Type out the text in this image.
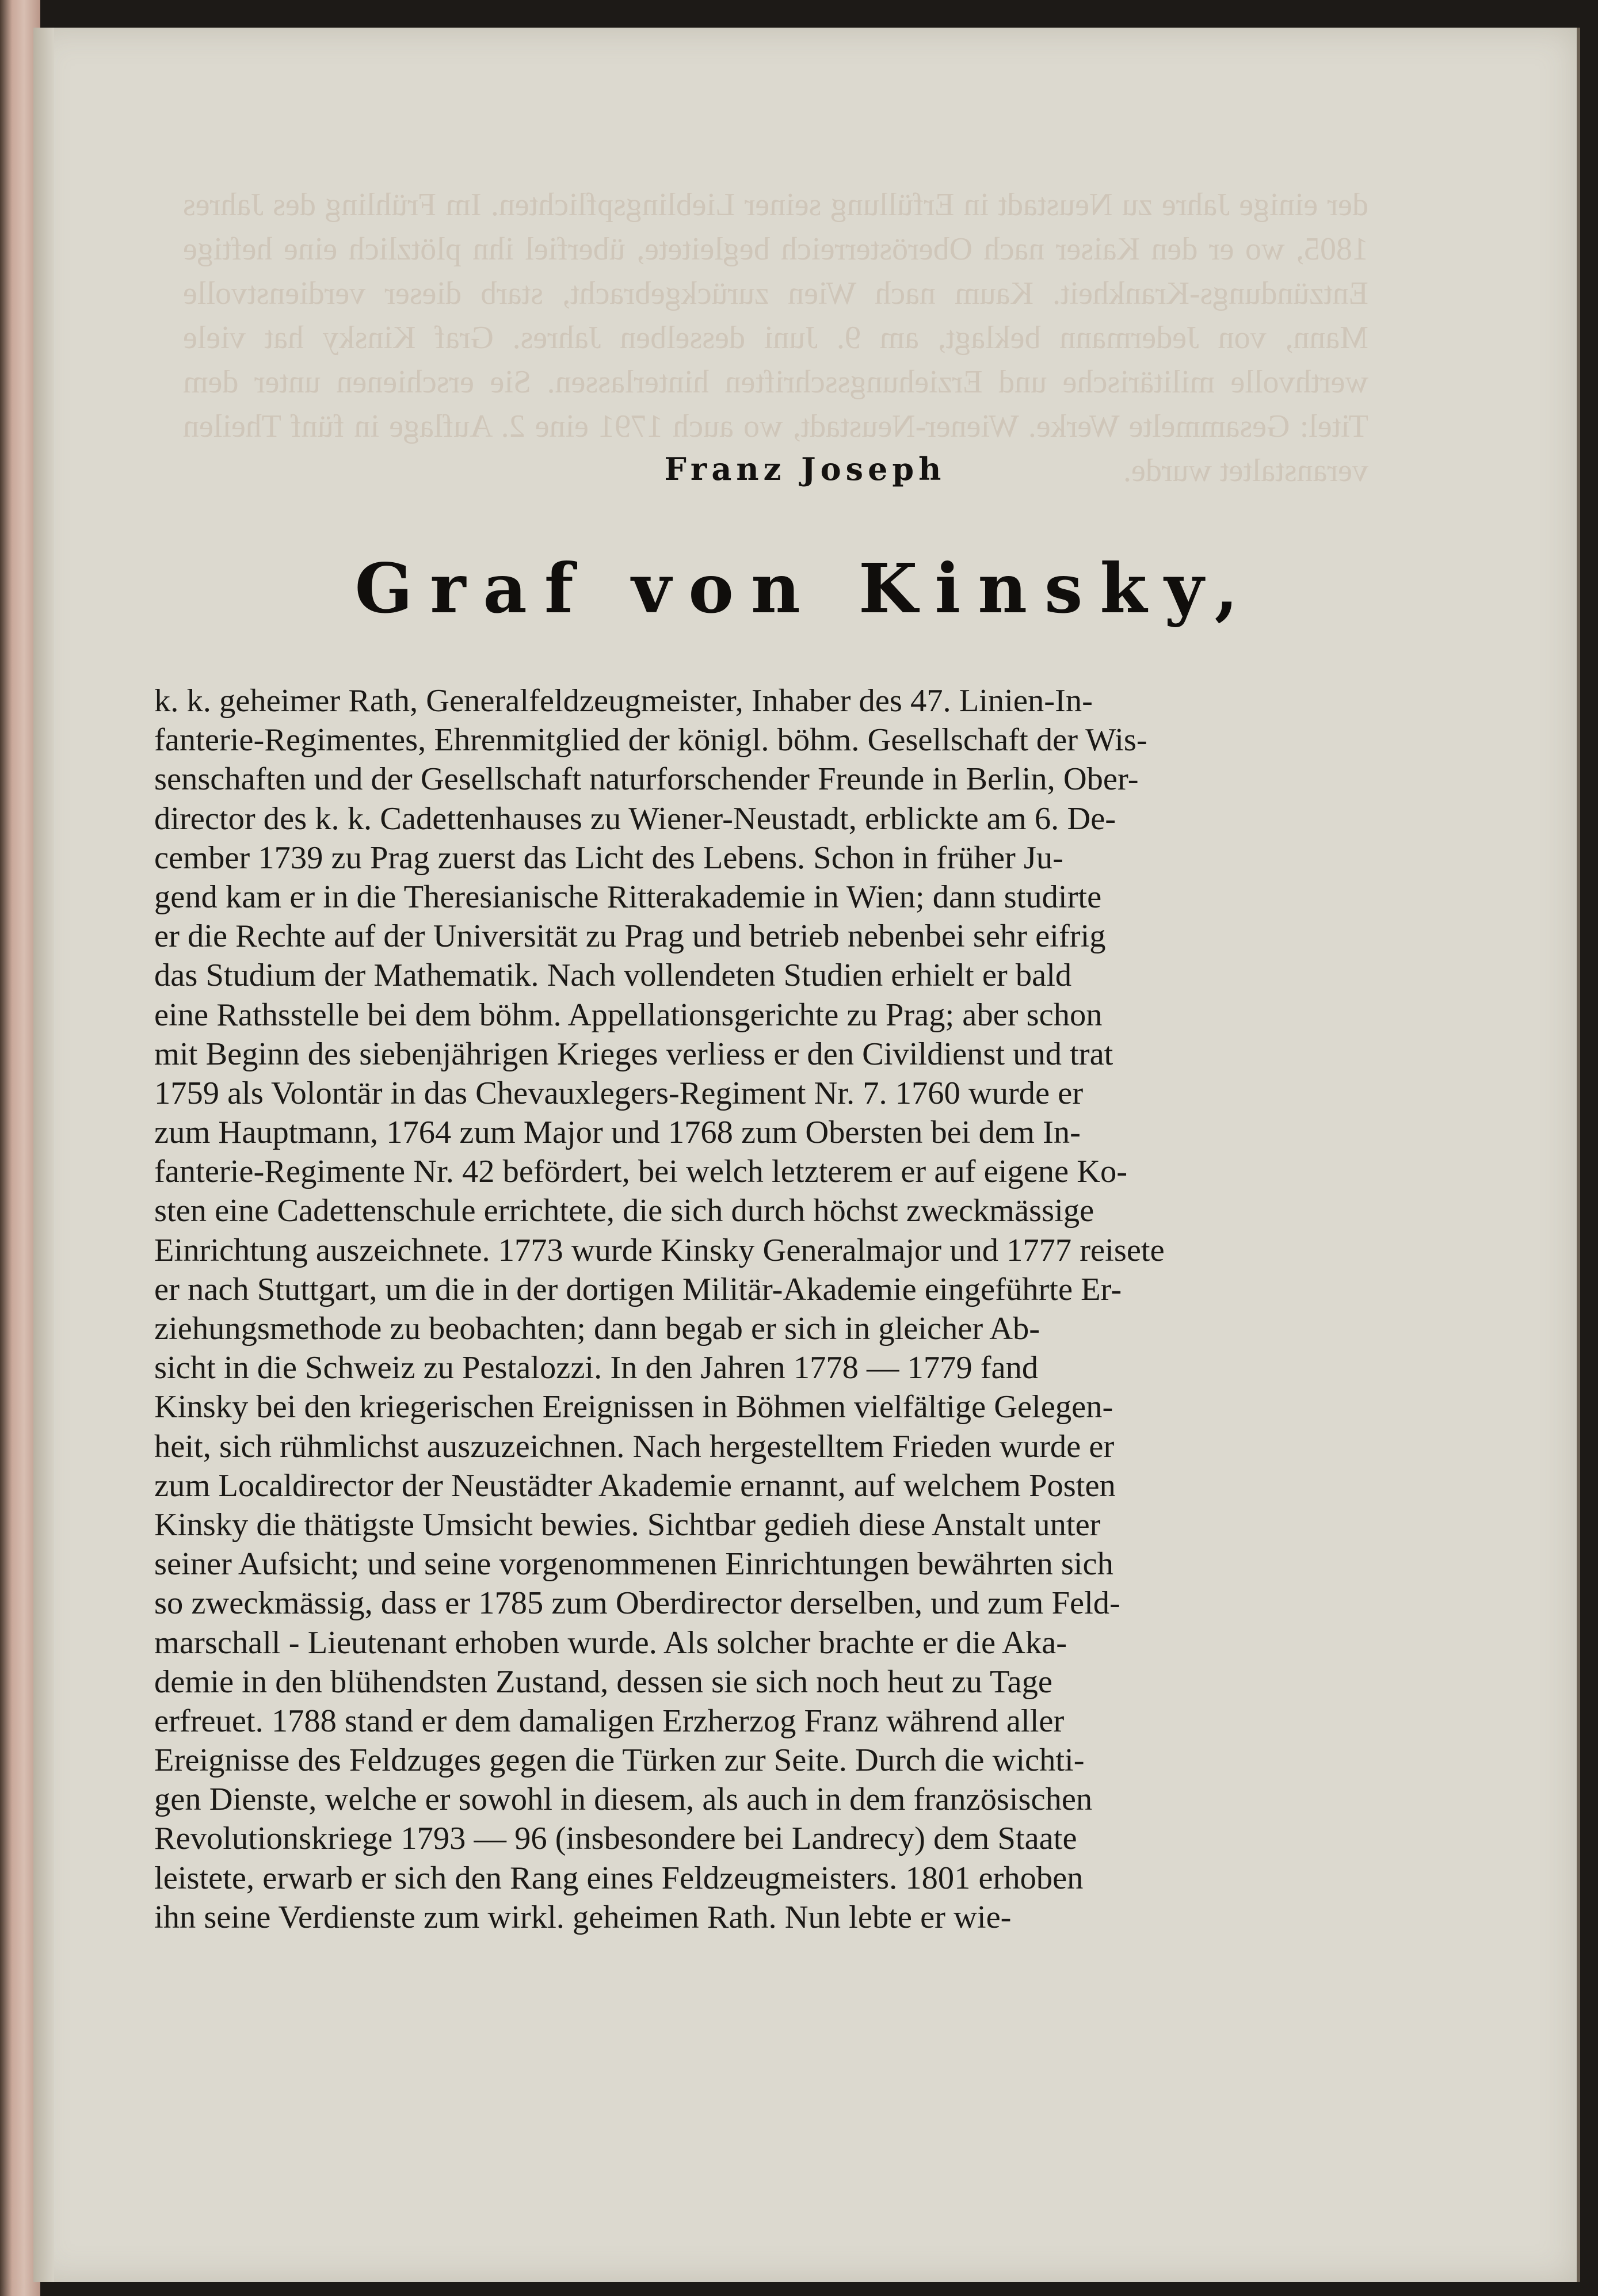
der einige Jahre zu Neustadt in Erfüllung seiner Lieblingspflichten. Im Frühling des Jahres 1805, wo er den Kaiser nach Oberösterreich begleitete, überfiel ihn plötzlich eine heftige Entzündungs-Krankheit. Kaum nach Wien zurückgebracht, starb dieser verdienstvolle Mann, von Jedermann beklagt, am 9. Juni desselben Jahres. Graf Kinsky hat viele werthvolle militärische und Erziehungsschriften hinterlassen. Sie erschienen unter dem Titel: Gesammelte Werke. Wiener-Neustadt, wo auch 1791 eine 2. Auflage in fünf Theilen veranstaltet wurde.
Franz Joseph
Graf von Kinsky,
k. k. geheimer Rath, Generalfeldzeugmeister, Inhaber des 47. Linien-In-
fanterie-Regimentes, Ehrenmitglied der königl. böhm. Gesellschaft der Wis-
senschaften und der Gesellschaft naturforschender Freunde in Berlin, Ober-
director des k. k. Cadettenhauses zu Wiener-Neustadt, erblickte am 6. De-
cember 1739 zu Prag zuerst das Licht des Lebens. Schon in früher Ju-
gend kam er in die Theresianische Ritterakademie in Wien; dann studirte
er die Rechte auf der Universität zu Prag und betrieb nebenbei sehr eifrig
das Studium der Mathematik. Nach vollendeten Studien erhielt er bald
eine Rathsstelle bei dem böhm. Appellationsgerichte zu Prag; aber schon
mit Beginn des siebenjährigen Krieges verliess er den Civildienst und trat
1759 als Volontär in das Chevauxlegers-Regiment Nr. 7. 1760 wurde er
zum Hauptmann, 1764 zum Major und 1768 zum Obersten bei dem In-
fanterie-Regimente Nr. 42 befördert, bei welch letzterem er auf eigene Ko-
sten eine Cadettenschule errichtete, die sich durch höchst zweckmässige
Einrichtung auszeichnete. 1773 wurde Kinsky Generalmajor und 1777 reisete
er nach Stuttgart, um die in der dortigen Militär-Akademie eingeführte Er-
ziehungsmethode zu beobachten; dann begab er sich in gleicher Ab-
sicht in die Schweiz zu Pestalozzi. In den Jahren 1778 — 1779 fand
Kinsky bei den kriegerischen Ereignissen in Böhmen vielfältige Gelegen-
heit, sich rühmlichst auszuzeichnen. Nach hergestelltem Frieden wurde er
zum Localdirector der Neustädter Akademie ernannt, auf welchem Posten
Kinsky die thätigste Umsicht bewies. Sichtbar gedieh diese Anstalt unter
seiner Aufsicht; und seine vorgenommenen Einrichtungen bewährten sich
so zweckmässig, dass er 1785 zum Oberdirector derselben, und zum Feld-
marschall - Lieutenant erhoben wurde. Als solcher brachte er die Aka-
demie in den blühendsten Zustand, dessen sie sich noch heut zu Tage
erfreuet. 1788 stand er dem damaligen Erzherzog Franz während aller
Ereignisse des Feldzuges gegen die Türken zur Seite. Durch die wichti-
gen Dienste, welche er sowohl in diesem, als auch in dem französischen
Revolutionskriege 1793 — 96 (insbesondere bei Landrecy) dem Staate
leistete, erwarb er sich den Rang eines Feldzeugmeisters. 1801 erhoben
ihn seine Verdienste zum wirkl. geheimen Rath. Nun lebte er wie-
